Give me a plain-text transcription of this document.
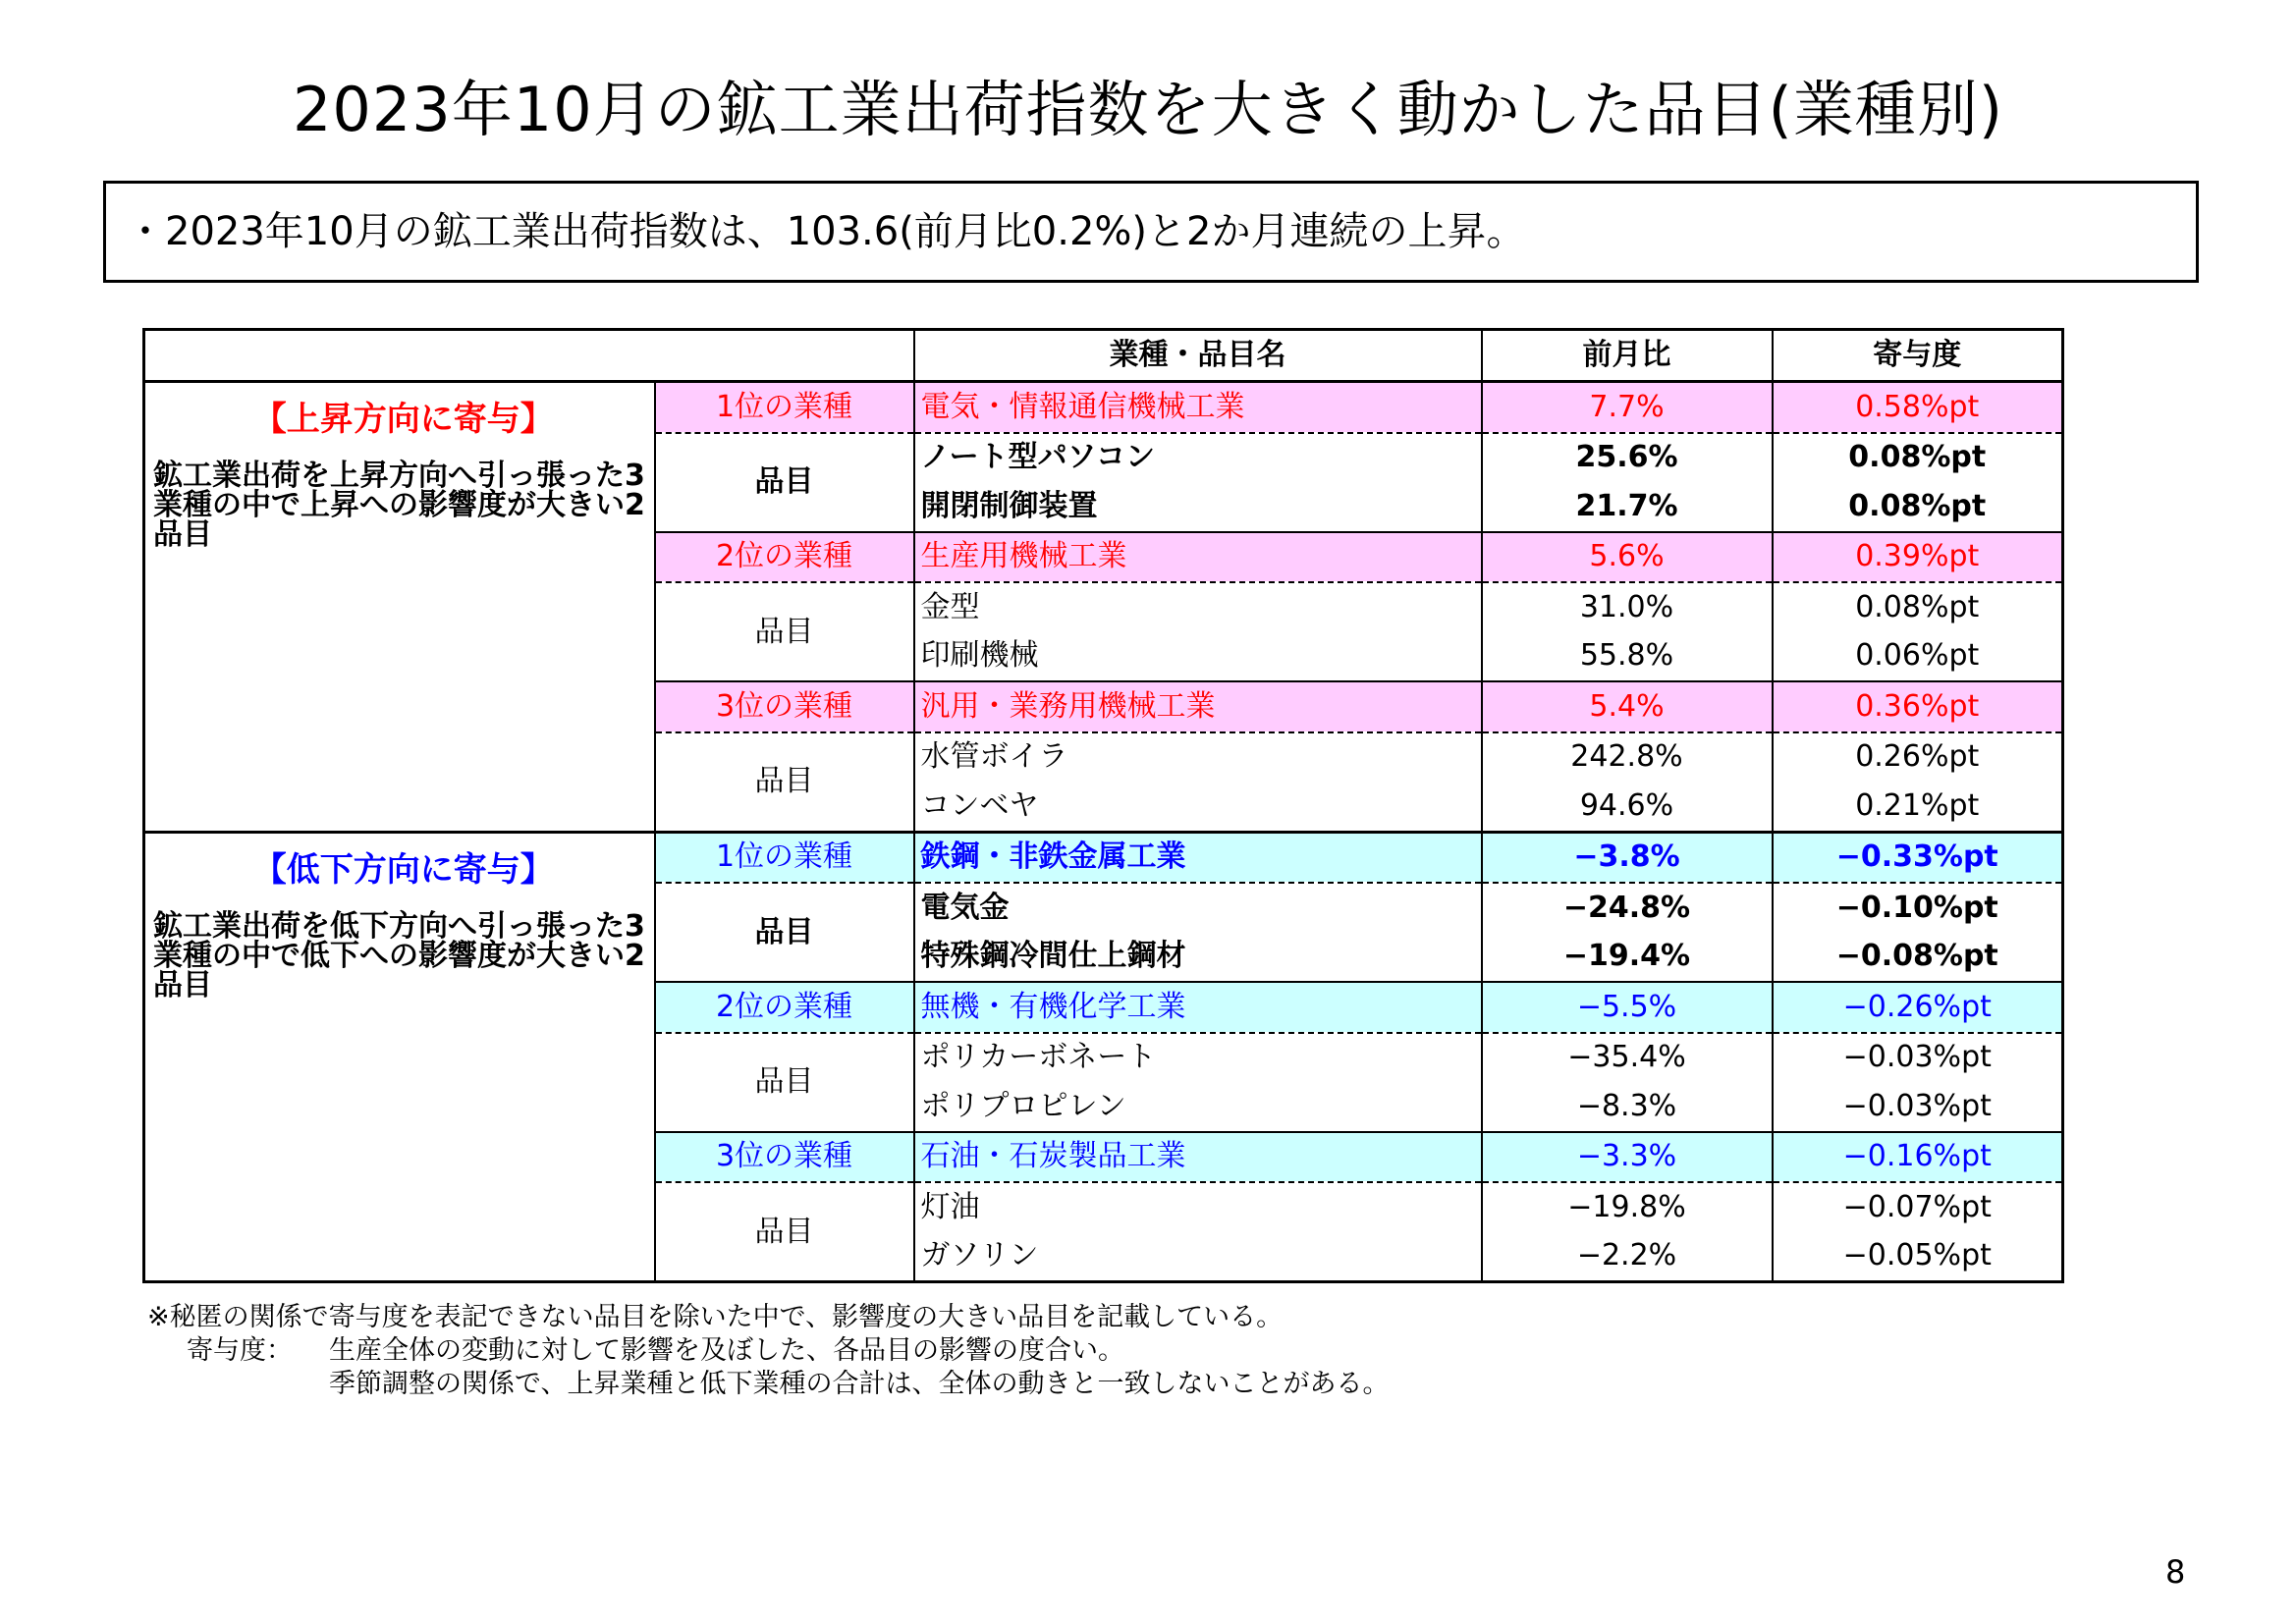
2023年10月の鉱工業出荷指数を大きく動かした品目(業種別)
・2023年10月の鉱工業出荷指数は、103.6(前月比0.2%)と2か月連続の上昇。
		業種・品目名	前月比	寄与度

【上昇方向に寄与】
鉱工業出荷を上昇方向へ引っ張った3業種の中で上昇への影響度が大きい2品目	1位の業種	電気・情報通信機械工業	7.7%	0.58%pt
	品目	ノート型パソコン	25.6%	0.08%pt
		開閉制御装置	21.7%	0.08%pt
	2位の業種	生産用機械工業	5.6%	0.39%pt
	品目	金型	31.0%	0.08%pt
		印刷機械	55.8%	0.06%pt
	3位の業種	汎用・業務用機械工業	5.4%	0.36%pt
	品目	水管ボイラ	242.8%	0.26%pt
		コンベヤ	94.6%	0.21%pt

【低下方向に寄与】
鉱工業出荷を低下方向へ引っ張った3業種の中で低下への影響度が大きい2品目	1位の業種	鉄鋼・非鉄金属工業	−3.8%	−0.33%pt
	品目	電気金	−24.8%	−0.10%pt
		特殊鋼冷間仕上鋼材	−19.4%	−0.08%pt
	2位の業種	無機・有機化学工業	−5.5%	−0.26%pt
	品目	ポリカーボネート	−35.4%	−0.03%pt
		ポリプロピレン	−8.3%	−0.03%pt
	3位の業種	石油・石炭製品工業	−3.3%	−0.16%pt
	品目	灯油	−19.8%	−0.07%pt
		ガソリン	−2.2%	−0.05%pt
※秘匿の関係で寄与度を表記できない品目を除いた中で、影響度の大きい品目を記載している。
寄与度： 生産全体の変動に対して影響を及ぼした、各品目の影響の度合い。
季節調整の関係で、上昇業種と低下業種の合計は、全体の動きと一致しないことがある。
8
